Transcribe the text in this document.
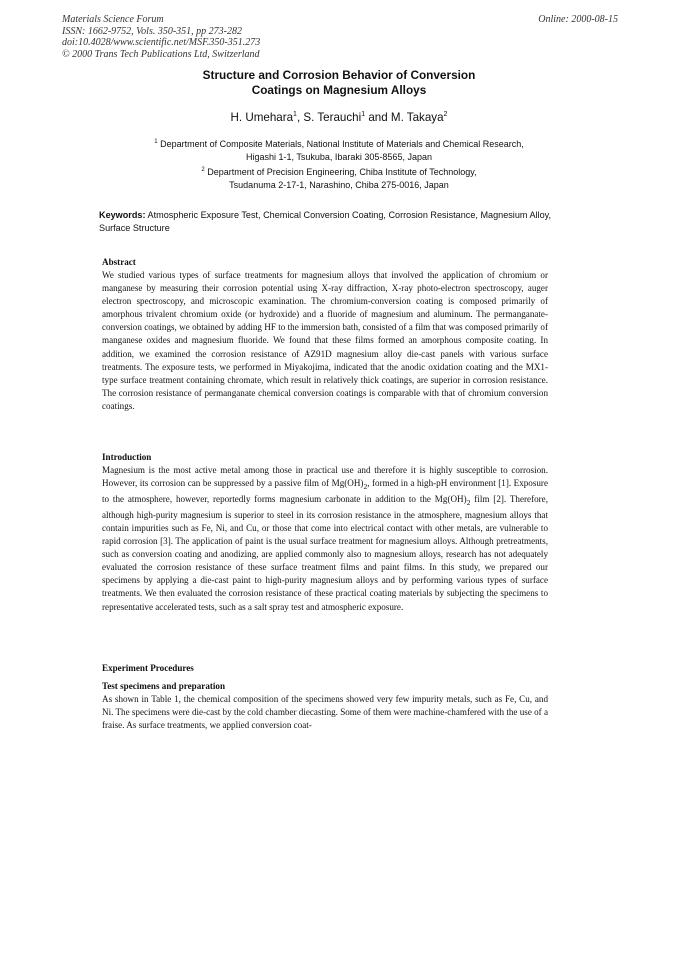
Materials Science Forum
ISSN: 1662-9752, Vols. 350-351, pp 273-282
doi:10.4028/www.scientific.net/MSF.350-351.273
© 2000 Trans Tech Publications Ltd, Switzerland
Online: 2000-08-15
Structure and Corrosion Behavior of Conversion
Coatings on Magnesium Alloys
H. Umehara$^1$, S. Terauchi$^1$ and M. Takaya$^2$
$^1$ Department of Composite Materials, National Institute of Materials and Chemical Research,
Higashi 1-1, Tsukuba, Ibaraki 305-8565, Japan
$^2$ Department of Precision Engineering, Chiba Institute of Technology,
Tsudanuma 2-17-1, Narashino, Chiba 275-0016, Japan
Keywords: Atmospheric Exposure Test, Chemical Conversion Coating, Corrosion Resistance, Magnesium Alloy, Surface Structure
Abstract
We studied various types of surface treatments for magnesium alloys that involved the application of chromium or manganese by measuring their corrosion potential using X-ray diffraction, X-ray photo-electron spectroscopy, auger electron spectroscopy, and microscopic examination. The chromium-conversion coating is composed primarily of amorphous trivalent chromium oxide (or hydroxide) and a fluoride of magnesium and aluminum. The permanganate-conversion coatings, we obtained by adding HF to the immersion bath, consisted of a film that was composed primarily of manganese oxides and magnesium fluoride. We found that these films formed an amorphous composite coating. In addition, we examined the corrosion resistance of AZ91D magnesium alloy die-cast panels with various surface treatments. The exposure tests, we performed in Miyakojima, indicated that the anodic oxidation coating and the MX1-type surface treatment containing chromate, which result in relatively thick coatings, are superior in corrosion resistance. The corrosion resistance of permanganate chemical conversion coatings is comparable with that of chromium conversion coatings.
Introduction
Magnesium is the most active metal among those in practical use and therefore it is highly susceptible to corrosion. However, its corrosion can be suppressed by a passive film of $Mg(OH)_2$, formed in a high-pH environment [1]. Exposure to the atmosphere, however, reportedly forms magnesium carbonate in addition to the $Mg(OH)_2$ film [2]. Therefore, although high-purity magnesium is superior to steel in its corrosion resistance in the atmosphere, magnesium alloys that contain impurities such as Fe, Ni, and Cu, or those that come into electrical contact with other metals, are vulnerable to rapid corrosion [3]. The application of paint is the usual surface treatment for magnesium alloys. Although pretreatments, such as conversion coating and anodizing, are applied commonly also to magnesium alloys, research has not adequately evaluated the corrosion resistance of these surface treatment films and paint films. In this study, we prepared our specimens by applying a die-cast paint to high-purity magnesium alloys and by performing various types of surface treatments. We then evaluated the corrosion resistance of these practical coating materials by subjecting the specimens to representative accelerated tests, such as a salt spray test and atmospheric exposure.
Experiment Procedures
Test specimens and preparation
As shown in Table 1, the chemical composition of the specimens showed very few impurity metals, such as Fe, Cu, and Ni. The specimens were die-cast by the cold chamber diecasting. Some of them were machine-chamfered with the use of a fraise. As surface treatments, we applied conversion coat-
